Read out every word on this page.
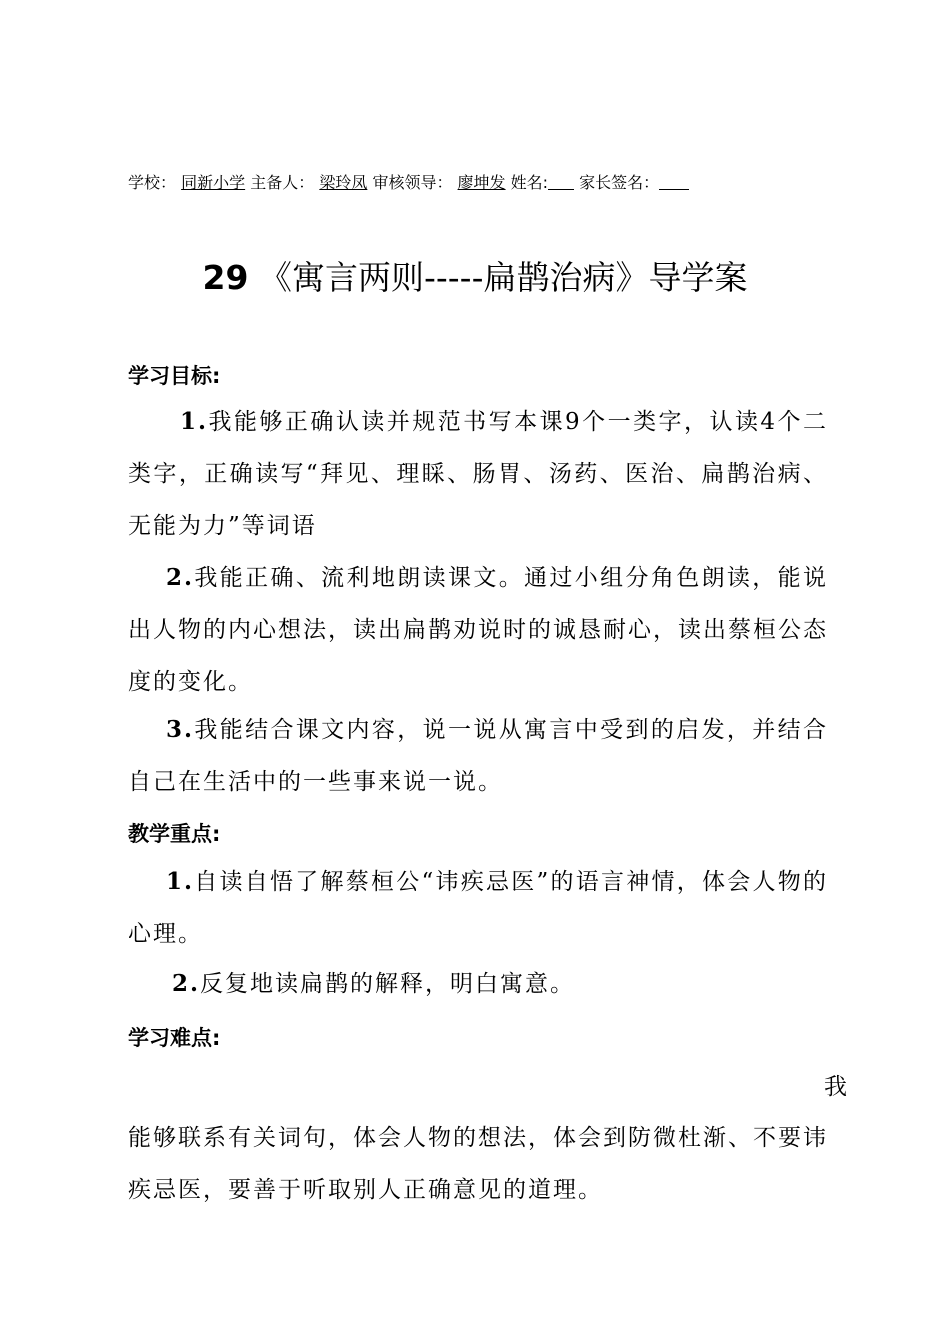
学校： 同新小学 主备人： 梁玲凤 审核领导： 廖坤发 姓名: 家长签名：
29 《寓言两则-----扁鹊治病》导学案
学习目标:
1.我能够正确认读并规范书写本课9个一类字，认读4个二类字，正确读写“拜见、理睬、肠胃、汤药、医治、扁鹊治病、无能为力”等词语
2.我能正确、流利地朗读课文。通过小组分角色朗读，能说出人物的内心想法，读出扁鹊劝说时的诚恳耐心，读出蔡桓公态度的变化。
3.我能结合课文内容，说一说从寓言中受到的启发，并结合自己在生活中的一些事来说一说。
教学重点:
1.自读自悟了解蔡桓公“讳疾忌医”的语言神情，体会人物的心理。
2.反复地读扁鹊的解释，明白寓意。
学习难点:
我
能够联系有关词句，体会人物的想法，体会到防微杜渐、不要讳疾忌医，要善于听取别人正确意见的道理。
